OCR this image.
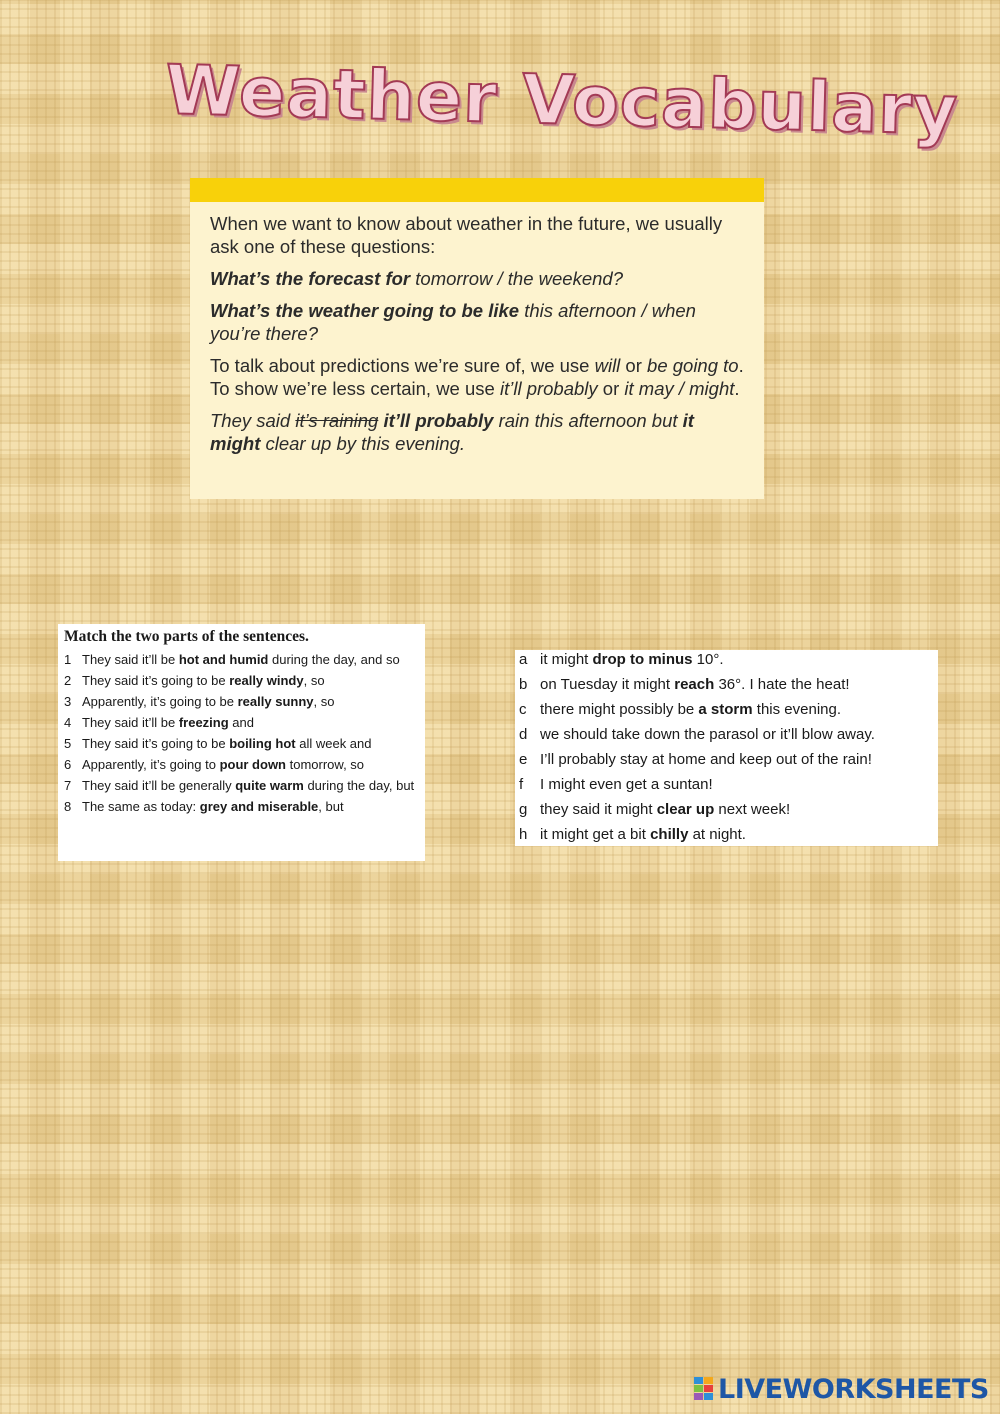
Weather Vocabulary

When we want to know about weather in the future, we usually ask one of these questions:

What’s the forecast for tomorrow / the weekend?

What’s the weather going to be like this afternoon / when you’re there?

To talk about predictions we’re sure of, we use will or be going to. To show we’re less certain, we use it’ll probably or it may / might.

They said it’s raining it’ll probably rain this afternoon but it might clear up by this evening.

Match the two parts of the sentences.
1 They said it’ll be hot and humid during the day, and so
2 They said it’s going to be really windy, so
3 Apparently, it’s going to be really sunny, so
4 They said it’ll be freezing and
5 They said it’s going to be boiling hot all week and
6 Apparently, it’s going to pour down tomorrow, so
7 They said it’ll be generally quite warm during the day, but
8 The same as today: grey and miserable, but
a it might drop to minus 10°.
b on Tuesday it might reach 36°. I hate the heat!
c there might possibly be a storm this evening.
d we should take down the parasol or it’ll blow away.
e I’ll probably stay at home and keep out of the rain!
f	I might even get a suntan!
g they said it might clear up next week!
h it might get a bit chilly at night.
LIVEWORKSHEETS
